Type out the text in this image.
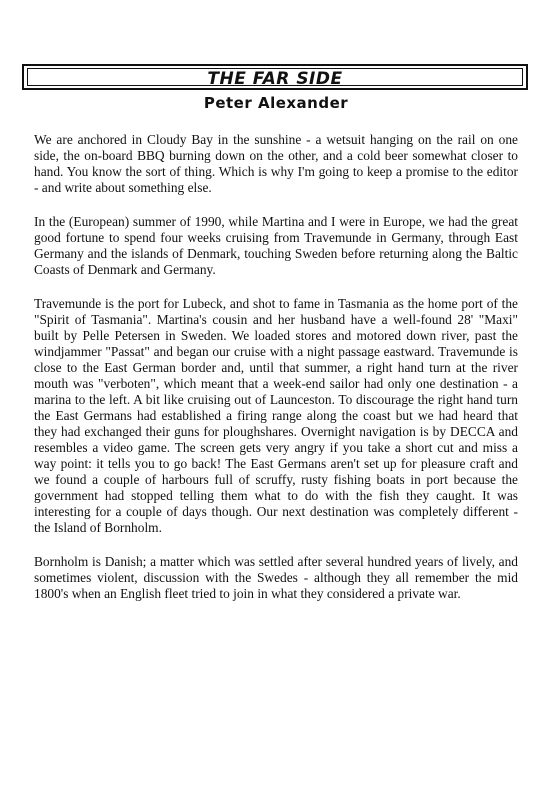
THE FAR SIDE
Peter Alexander

We are anchored in Cloudy Bay in the sunshine - a wetsuit hanging on the rail on one side, the on-board BBQ burning down on the other, and a cold beer somewhat closer to hand. You know the sort of thing. Which is why I'm going to keep a promise to the editor - and write about something else.

In the (European) summer of 1990, while Martina and I were in Europe, we had the great good fortune to spend four weeks cruising from Travemunde in Germany, through East Germany and the islands of Denmark, touching Sweden before returning along the Baltic Coasts of Denmark and Germany.

Travemunde is the port for Lubeck, and shot to fame in Tasmania as the home port of the "Spirit of Tasmania". Martina's cousin and her husband have a well-found 28' "Maxi" built by Pelle Petersen in Sweden. We loaded stores and motored down river, past the windjammer "Passat" and began our cruise with a night passage eastward. Travemunde is close to the East German border and, until that summer, a right hand turn at the river mouth was "verboten", which meant that a week-end sailor had only one destination - a marina to the left. A bit like cruising out of Launceston. To discourage the right hand turn the East Germans had established a firing range along the coast but we had heard that they had exchanged their guns for ploughshares. Overnight navigation is by DECCA and resembles a video game. The screen gets very angry if you take a short cut and miss a way point: it tells you to go back! The East Germans aren't set up for pleasure craft and we found a couple of harbours full of scruffy, rusty fishing boats in port because the government had stopped telling them what to do with the fish they caught. It was interesting for a couple of days though. Our next destination was completely different - the Island of Bornholm.

Bornholm is Danish; a matter which was settled after several hundred years of lively, and sometimes violent, discussion with the Swedes - although they all remember the mid 1800's when an English fleet tried to join in what they considered a private war.
